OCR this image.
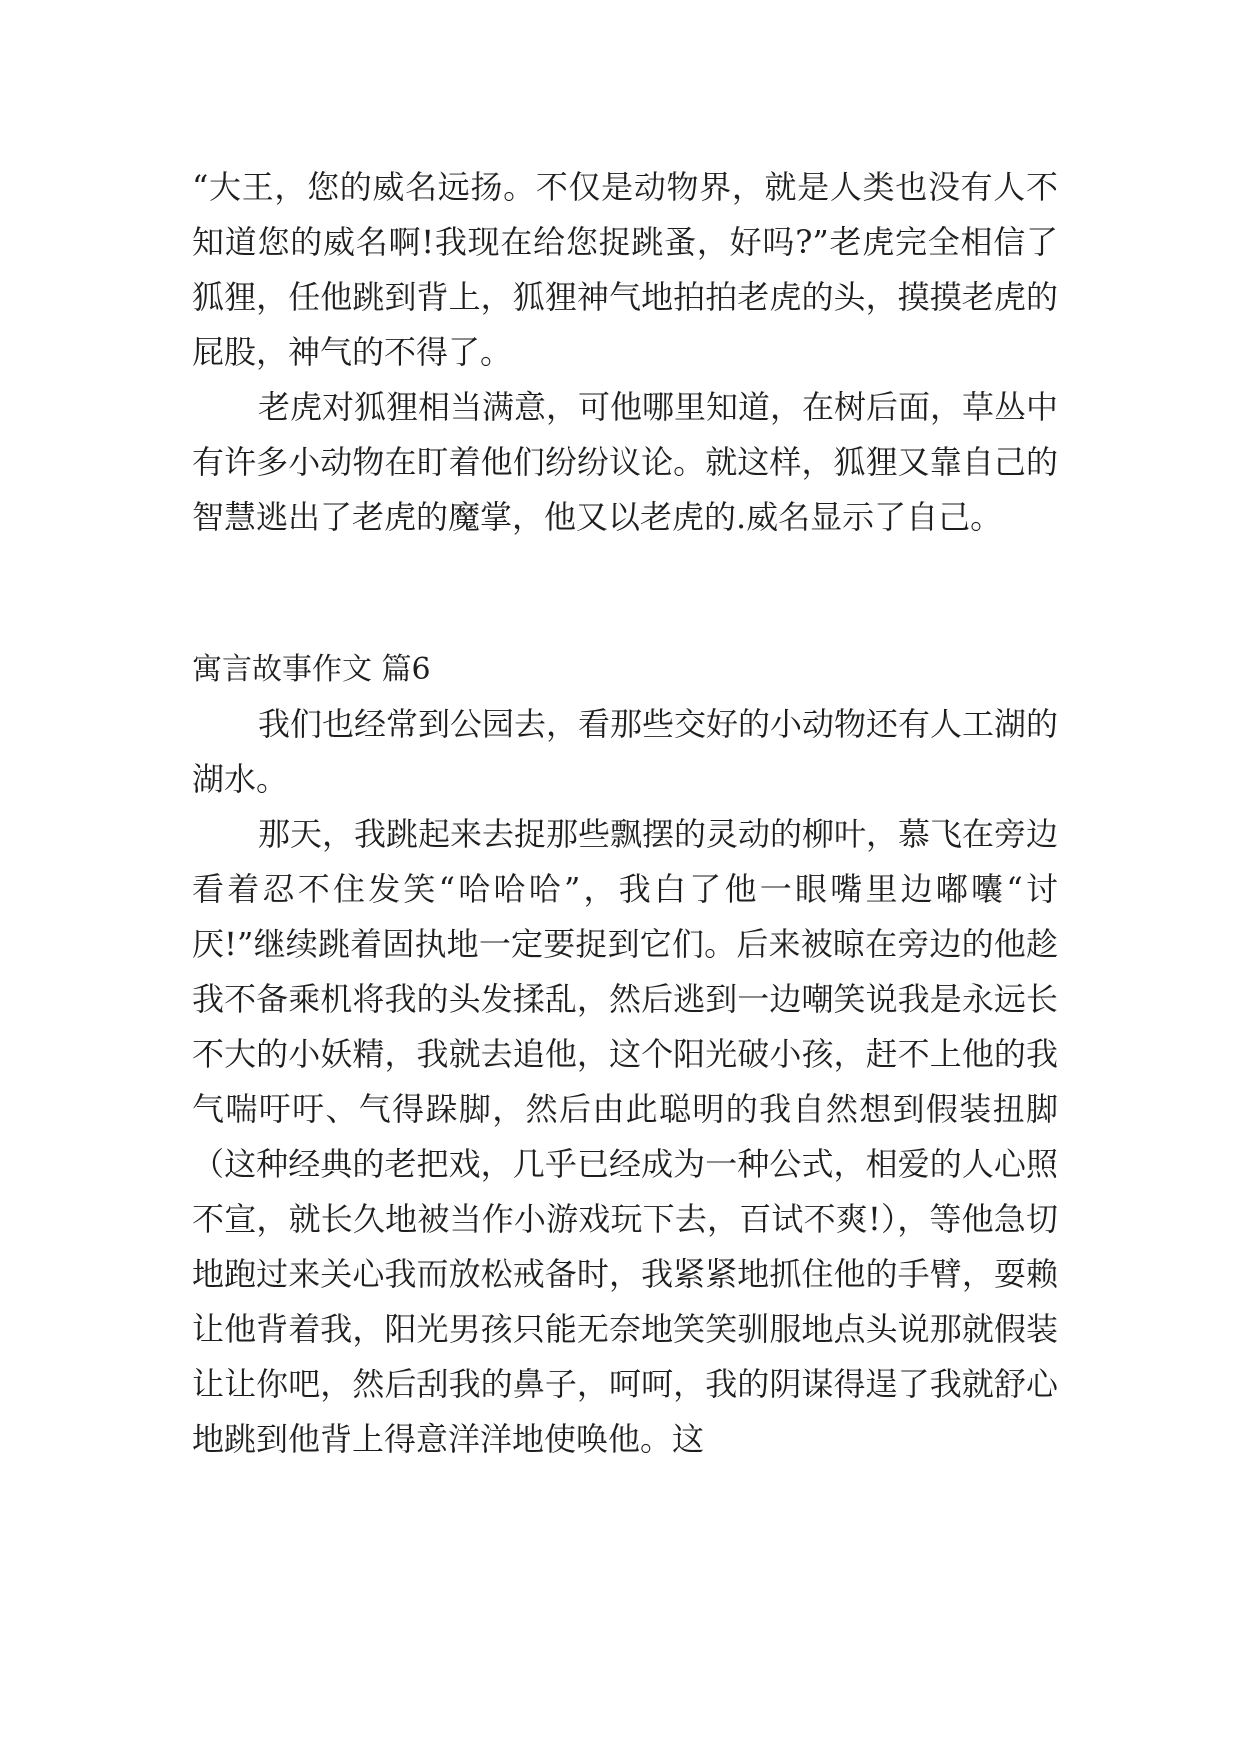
“大王，您的威名远扬。不仅是动物界，就是人类也没有人不知道您的威名啊!我现在给您捉跳蚤，好吗?”老虎完全相信了狐狸，任他跳到背上，狐狸神气地拍拍老虎的头，摸摸老虎的屁股，神气的不得了。

老虎对狐狸相当满意，可他哪里知道，在树后面，草丛中有许多小动物在盯着他们纷纷议论。就这样，狐狸又靠自己的智慧逃出了老虎的魔掌，他又以老虎的.威名显示了自己。

寓言故事作文 篇6

我们也经常到公园去，看那些交好的小动物还有人工湖的湖水。

那天，我跳起来去捉那些飘摆的灵动的柳叶，慕飞在旁边看着忍不住发笑“哈哈哈”，我白了他一眼嘴里边嘟囔“讨厌!”继续跳着固执地一定要捉到它们。后来被晾在旁边的他趁我不备乘机将我的头发揉乱，然后逃到一边嘲笑说我是永远长不大的小妖精，我就去追他，这个阳光破小孩，赶不上他的我气喘吁吁、气得跺脚，然后由此聪明的我自然想到假装扭脚（这种经典的老把戏，几乎已经成为一种公式，相爱的人心照不宣，就长久地被当作小游戏玩下去，百试不爽!），等他急切地跑过来关心我而放松戒备时，我紧紧地抓住他的手臂，耍赖让他背着我，阳光男孩只能无奈地笑笑驯服地点头说那就假装让让你吧，然后刮我的鼻子，呵呵，我的阴谋得逞了我就舒心地跳到他背上得意洋洋地使唤他。这
